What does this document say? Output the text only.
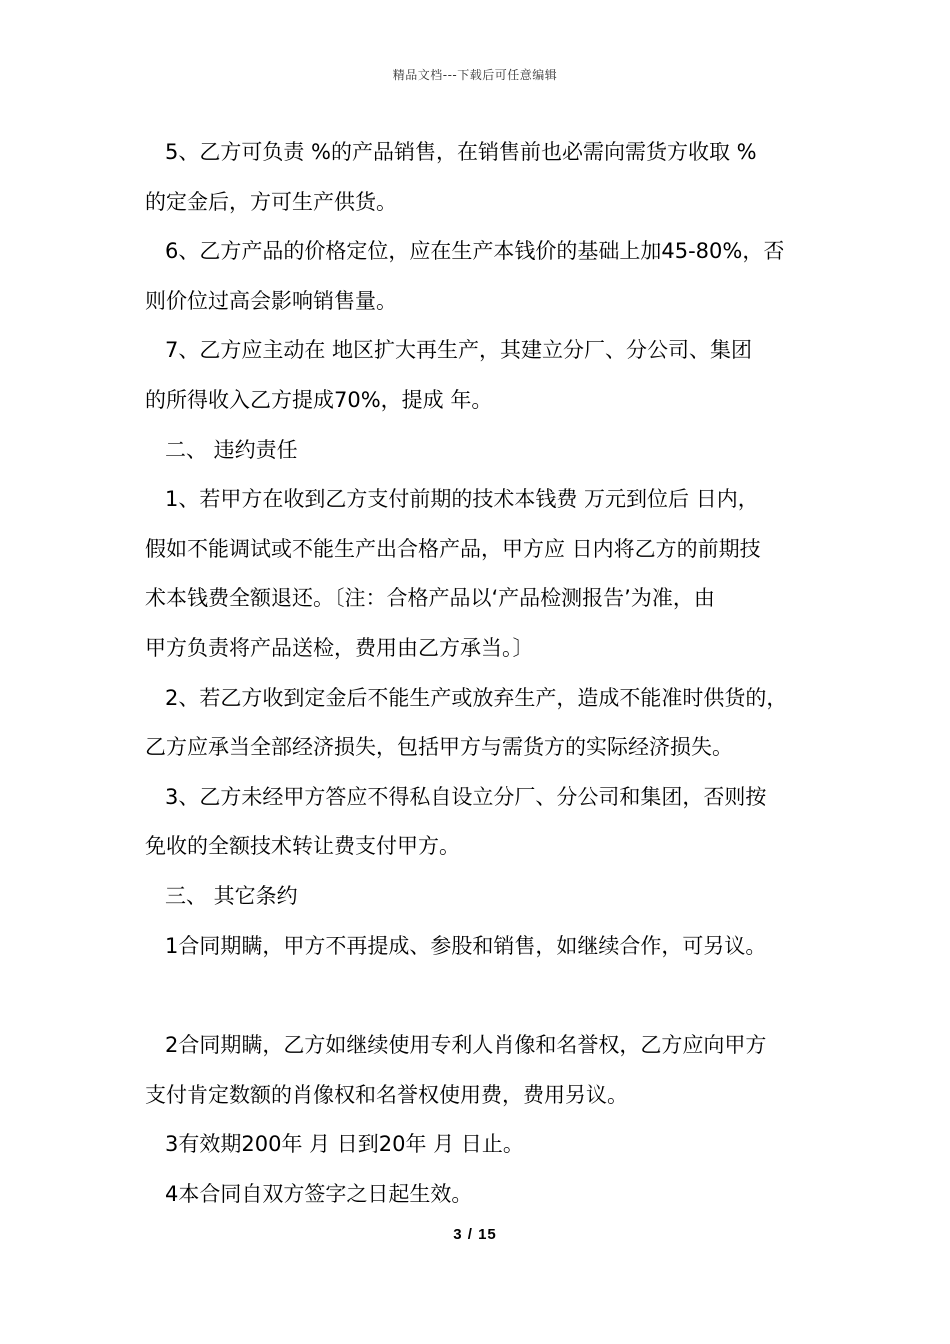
精品文档---下载后可任意编辑

5、乙方可负责 %的产品销售，在销售前也必需向需货方收取 %

的定金后，方可生产供货。

6、乙方产品的价格定位，应在生产本钱价的基础上加45-80%，否

则价位过高会影响销售量。

7、乙方应主动在 地区扩大再生产，其建立分厂、分公司、集团

的所得收入乙方提成70%，提成 年。

二、 违约责任

1、若甲方在收到乙方支付前期的技术本钱费 万元到位后 日内，

假如不能调试或不能生产出合格产品，甲方应 日内将乙方的前期技

术本钱费全额退还。〔注：合格产品以‘产品检测报告’为准，由

甲方负责将产品送检，费用由乙方承当。〕

2、若乙方收到定金后不能生产或放弃生产，造成不能准时供货的，

乙方应承当全部经济损失，包括甲方与需货方的实际经济损失。

3、乙方未经甲方答应不得私自设立分厂、分公司和集团，否则按

免收的全额技术转让费支付甲方。

三、 其它条约

1合同期瞒，甲方不再提成、参股和销售，如继续合作，可另议。

2合同期瞒，乙方如继续使用专利人肖像和名誉权，乙方应向甲方

支付肯定数额的肖像权和名誉权使用费，费用另议。

3有效期200年 月 日到20年 月 日止。

4本合同自双方签字之日起生效。

3 / 15
